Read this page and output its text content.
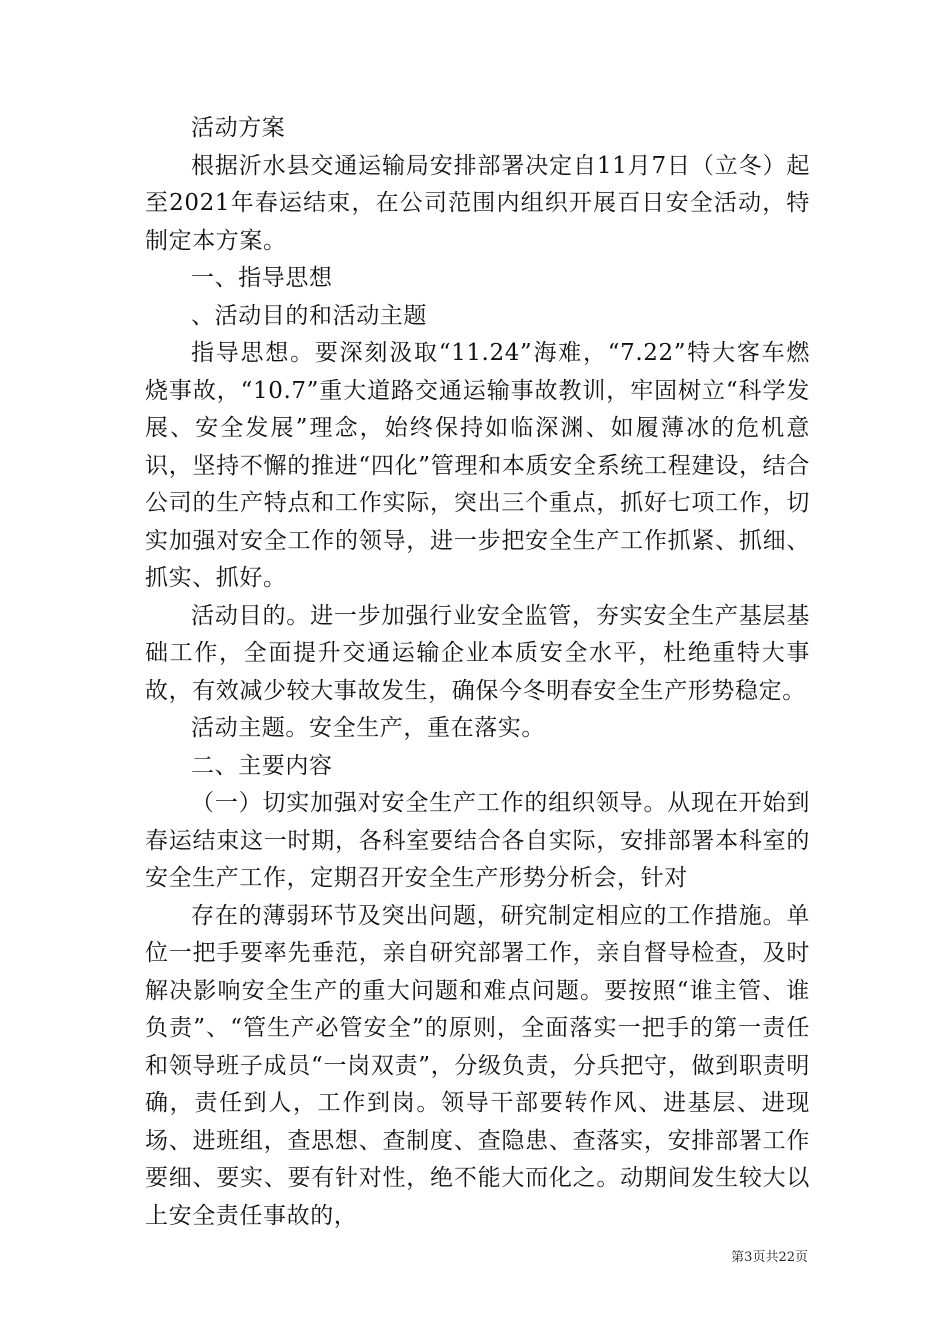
活动方案

根据沂水县交通运输局安排部署决定自11月7日（立冬）起至2021年春运结束，在公司范围内组织开展百日安全活动，特制定本方案。

一、指导思想

、活动目的和活动主题

指导思想。要深刻汲取“11.24”海难，“7.22”特大客车燃烧事故，“10.7”重大道路交通运输事故教训，牢固树立“科学发展、安全发展”理念，始终保持如临深渊、如履薄冰的危机意识，坚持不懈的推进“四化”管理和本质安全系统工程建设，结合公司的生产特点和工作实际，突出三个重点，抓好七项工作，切实加强对安全工作的领导，进一步把安全生产工作抓紧、抓细、抓实、抓好。

活动目的。进一步加强行业安全监管，夯实安全生产基层基础工作，全面提升交通运输企业本质安全水平，杜绝重特大事故，有效减少较大事故发生，确保今冬明春安全生产形势稳定。

活动主题。安全生产，重在落实。

二、主要内容

（一）切实加强对安全生产工作的组织领导。从现在开始到春运结束这一时期，各科室要结合各自实际，安排部署本科室的安全生产工作，定期召开安全生产形势分析会，针对

存在的薄弱环节及突出问题，研究制定相应的工作措施。单位一把手要率先垂范，亲自研究部署工作，亲自督导检查，及时解决影响安全生产的重大问题和难点问题。要按照“谁主管、谁负责”、“管生产必管安全”的原则，全面落实一把手的第一责任和领导班子成员“一岗双责”，分级负责，分兵把守，做到职责明确，责任到人，工作到岗。领导干部要转作风、进基层、进现场、进班组，查思想、查制度、查隐患、查落实，安排部署工作要细、要实、要有针对性，绝不能大而化之。动期间发生较大以上安全责任事故的，

第3页共22页
